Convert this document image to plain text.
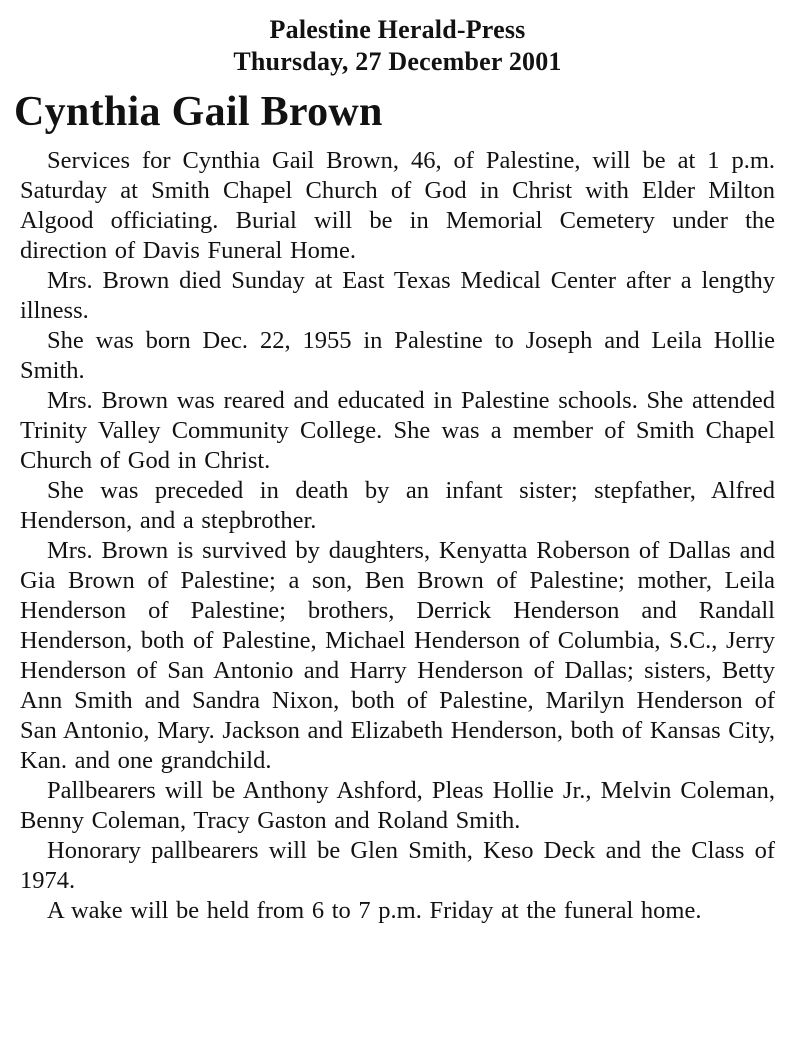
Palestine Herald-Press
Thursday, 27 December 2001
Cynthia Gail Brown

Services for Cynthia Gail Brown, 46, of Palestine, will be at 1 p.m. Saturday at Smith Chapel Church of God in Christ with Elder Milton Algood officiating. Burial will be in Memorial Cemetery under the direction of Davis Funeral Home.

Mrs. Brown died Sunday at East Texas Medical Center after a lengthy illness.

She was born Dec. 22, 1955 in Palestine to Joseph and Leila Hollie Smith.

Mrs. Brown was reared and educated in Palestine schools. She attended Trinity Valley Community College. She was a member of Smith Chapel Church of God in Christ.

She was preceded in death by an infant sister; stepfather, Alfred Henderson, and a stepbrother.

Mrs. Brown is survived by daughters, Kenyatta Roberson of Dallas and Gia Brown of Palestine; a son, Ben Brown of Palestine; mother, Leila Henderson of Palestine; brothers, Derrick Henderson and Randall Henderson, both of Palestine, Michael Henderson of Columbia, S.C., Jerry Henderson of San Antonio and Harry Henderson of Dallas; sisters, Betty Ann Smith and Sandra Nixon, both of Palestine, Marilyn Henderson of San Antonio, Mary. Jackson and Elizabeth Henderson, both of Kansas City, Kan. and one grandchild.

Pallbearers will be Anthony Ashford, Pleas Hollie Jr., Melvin Coleman, Benny Coleman, Tracy Gaston and Roland Smith.

Honorary pallbearers will be Glen Smith, Keso Deck and the Class of 1974.

A wake will be held from 6 to 7 p.m. Friday at the funeral home.
